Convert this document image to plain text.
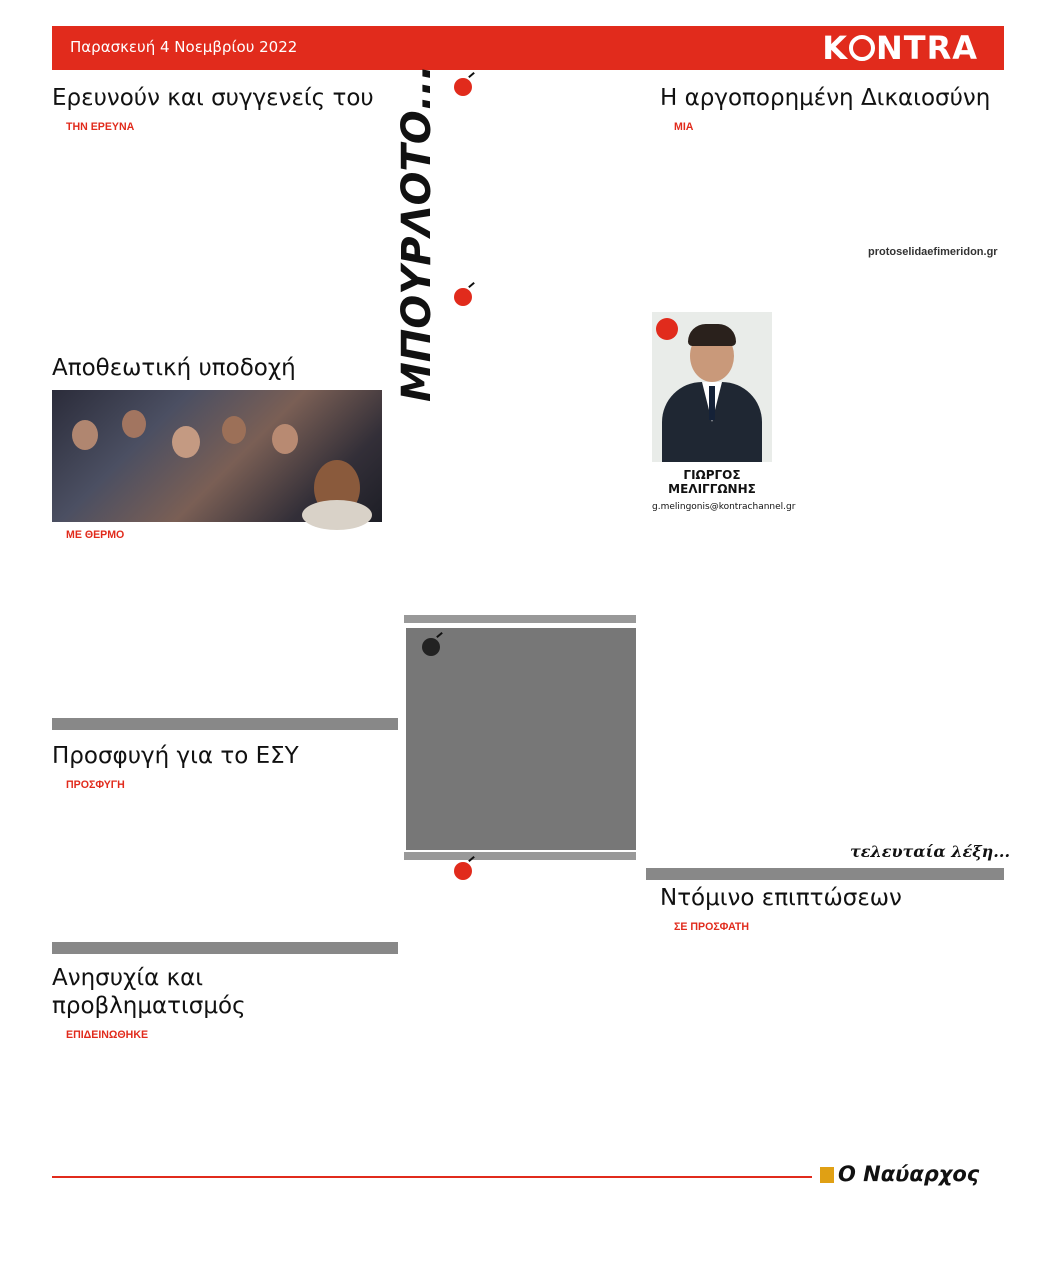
Παρασκευή 4 Νοεμβρίου 2022	K NTRA
Ερευνούν και συγγενείς του
ΤΗΝ ΕΡΕΥΝΑ
Αποθεωτική υποδοχή
ΜΕ ΘΕΡΜΟ
Προσφυγή για το ΕΣΥ
ΠΡΟΣΦΥΓΗ
Ανησυχία και προβληματισμός
ΕΠΙΔΕΙΝΩΘΗΚΕ
ΜΠΟΥΡΛΟΤΟ...	Η αργοπορημένη Δικαιοσύνη
ΜΙΑ
protoselidaefimeridon.gr
ΓΙΩΡΓΟΣ ΜΕΛΙΓΓΩΝΗΣ
g.melingonis@kontrachannel.gr
τελευταία λέξη...
Ντόμινο επιπτώσεων
ΣΕ ΠΡΟΣΦΑΤΗ
Ο Ναύαρχος
